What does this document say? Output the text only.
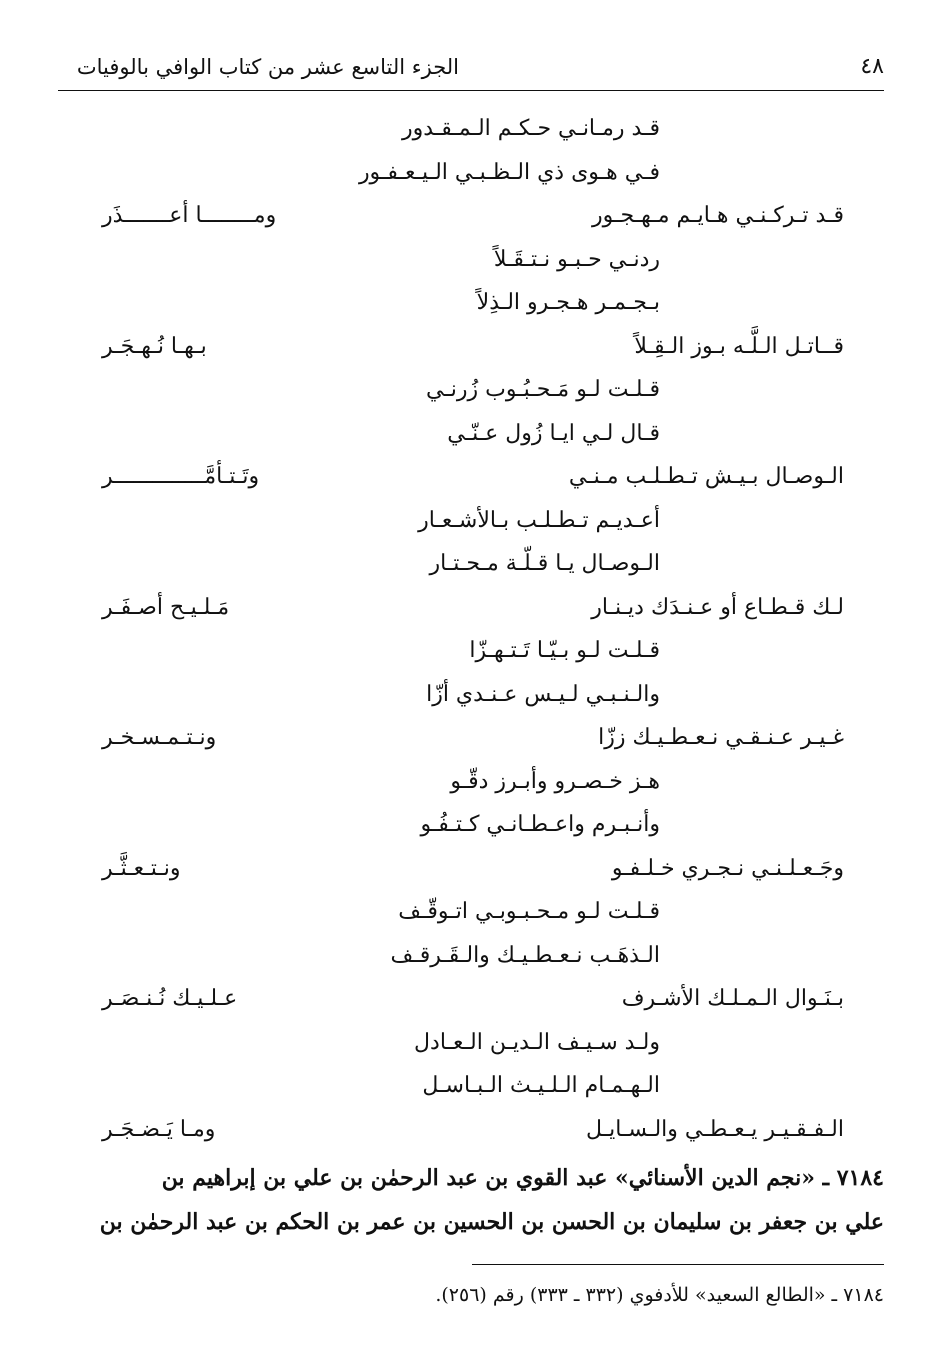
٤٨
الجزء التاسع عشر من كتاب الوافي بالوفيات
قـد رمـانـي حـكـم الـمـقـدور
فـي هـوى ذي الـظـبـي الـيـعـفـور
قـد تـركـنـي هـايـم مـهـجـور
ومــــــــا أعـــــــذَر
ردنـي حـبـو نـتـقَـلاً
بـجـمـر هـجـرو الـذِلاً
قــاتـل الـلَّـه بـوز الـقِـلاً
بـهـا نُـهـجَـر
قـلـت لـو مَـحـبُـوب زُرنـي
قـال لـي ايـا زُول عـنّـي
الـوصـال بـيـش تـطـلـب مـنـي
وتَـتـأمَّــــــــــــــر
أعـديـم تـطـلـب بـالأشـعـار
الـوصـال يـا قـلّـة مـحـتـار
لـك قـطـاع أو عـنـدَك ديـنـار
مَـلـيـح أصـفَـر
قـلـت لـو بـيّـا تَـتـهـزّا
والـنـبـي لـيـس عـنـدي أزّا
غـيـر عـنـقـي نـعـطـيـك ززّا
ونـتـمـسـخـر
هـز خـصـرو وأبـرز دقّـو
وأنـبـرم واعـطـانـي كـتـفُـو
وجَـعـلـنـي نـجـري خـلـفـو
ونـتـعـثَّـر
قـلـت لـو مـحـبـوبـي اتـوقّـف
الـذهَـب نـعـطـيـك والـقَـرقـف
بـنَـوال الـمـلـك الأشـرف
عـلـيـك نُـنـصَـر
ولـد سـيـف الـديـن الـعـادل
الـهـمـام الـلـيـث الـبـاسـل
الـفـقـيـر يـعـطـي والـسـايـل
ومـا يَـضـجَـر
٧١٨٤ ـ «نجم الدين الأسنائي» عبد القوي بن عبد الرحمٰن بن علي بن إبراهيم بن
علي بن جعفر بن سليمان بن الحسن بن الحسين بن عمر بن الحكم بن عبد الرحمٰن بن
٧١٨٤ ـ «الطالع السعيد» للأدفوي (٣٣٢ ـ ٣٣٣) رقم (٢٥٦).
